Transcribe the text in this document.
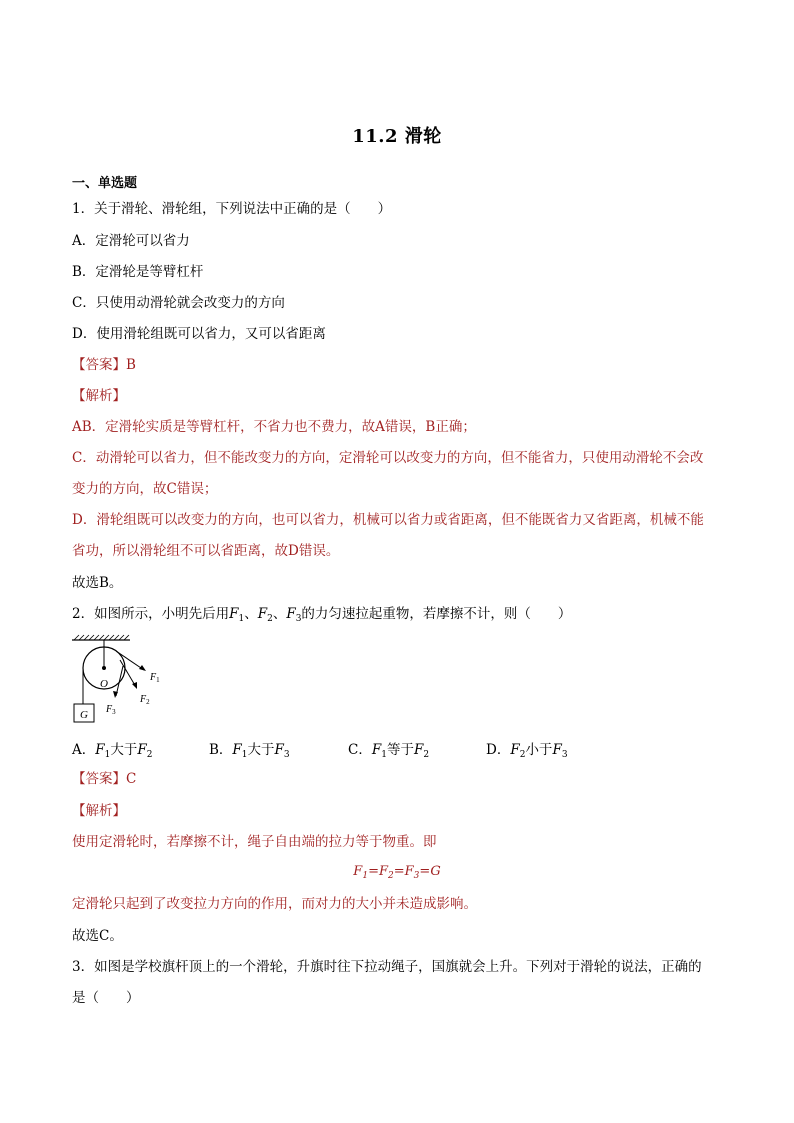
11.2 滑轮
一、单选题
1．关于滑轮、滑轮组，下列说法中正确的是（　　）
A．定滑轮可以省力
B．定滑轮是等臂杠杆
C．只使用动滑轮就会改变力的方向
D．使用滑轮组既可以省力，又可以省距离
【答案】B
【解析】
AB．定滑轮实质是等臂杠杆，不省力也不费力，故A错误，B正确；
C．动滑轮可以省力，但不能改变力的方向，定滑轮可以改变力的方向，但不能省力，只使用动滑轮不会改
变力的方向，故C错误；
D．滑轮组既可以改变力的方向，也可以省力，机械可以省力或省距离，但不能既省力又省距离，机械不能
省功，所以滑轮组不可以省距离，故D错误。
故选B。
2．如图所示，小明先后用$F_1$、$F_2$、$F_3$的力匀速拉起重物，若摩擦不计，则（　　）
O
G
$F_1$
$F_2$
$F_3$
A．$F_1$大于$F_2$	B．$F_1$大于$F_3$	C．$F_1$等于$F_2$	D．$F_2$小于$F_3$
【答案】C
【解析】
使用定滑轮时，若摩擦不计，绳子自由端的拉力等于物重。即
$F_1=F_2=F_3=G$
定滑轮只起到了改变拉力方向的作用，而对力的大小并未造成影响。
故选C。
3．如图是学校旗杆顶上的一个滑轮，升旗时往下拉动绳子，国旗就会上升。下列对于滑轮的说法，正确的
是（　　）
